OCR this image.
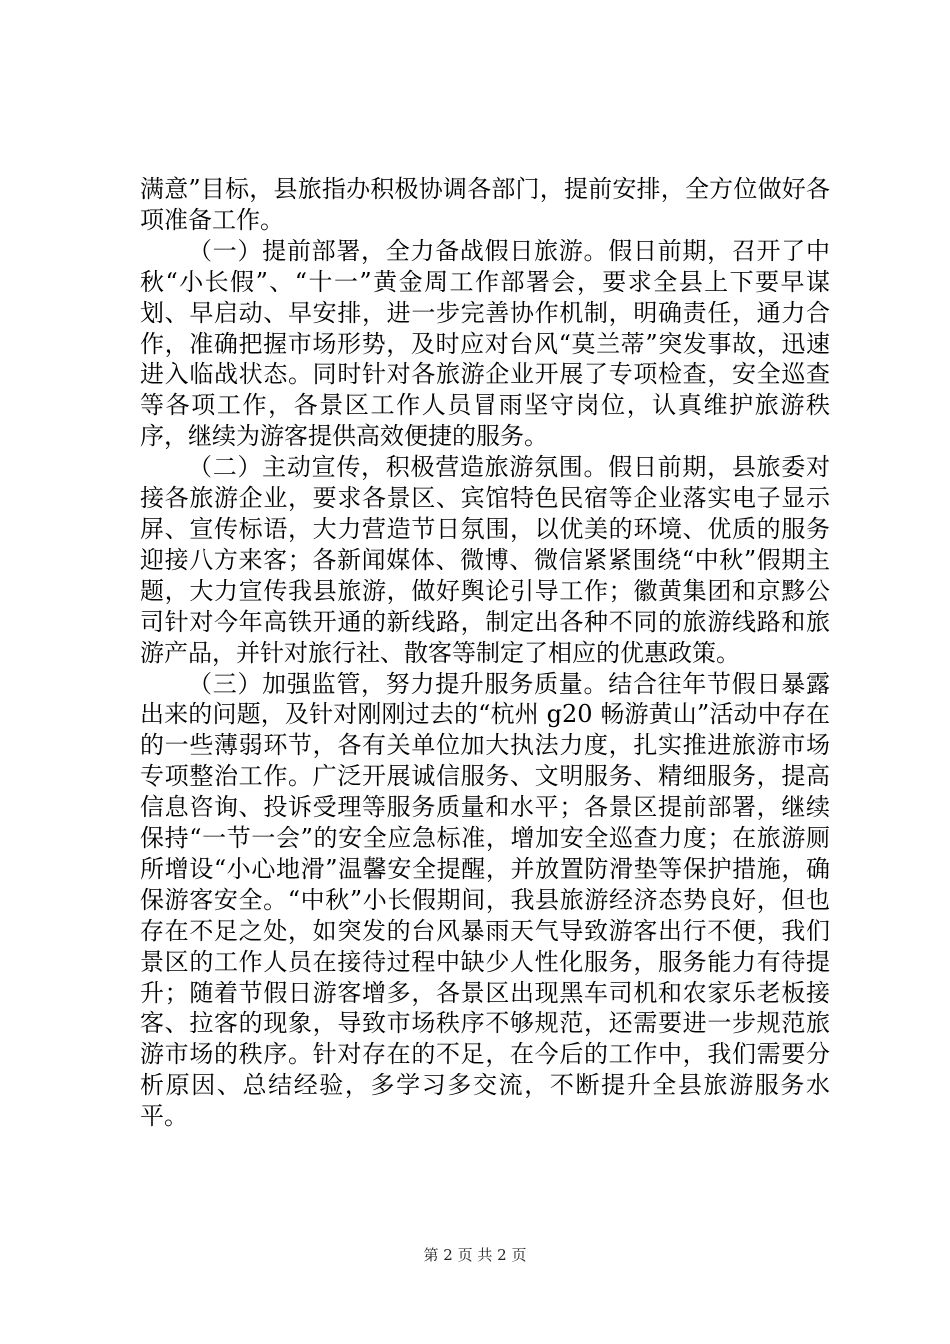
满意”目标，县旅指办积极协调各部门，提前安排，全方位做好各项准备工作。

（一）提前部署，全力备战假日旅游。假日前期，召开了中秋“小长假”、“十一”黄金周工作部署会，要求全县上下要早谋划、早启动、早安排，进一步完善协作机制，明确责任，通力合作，准确把握市场形势，及时应对台风“莫兰蒂”突发事故，迅速进入临战状态。同时针对各旅游企业开展了专项检查，安全巡查等各项工作，各景区工作人员冒雨坚守岗位，认真维护旅游秩序，继续为游客提供高效便捷的服务。

（二）主动宣传，积极营造旅游氛围。假日前期，县旅委对接各旅游企业，要求各景区、宾馆特色民宿等企业落实电子显示屏、宣传标语，大力营造节日氛围，以优美的环境、优质的服务迎接八方来客；各新闻媒体、微博、微信紧紧围绕“中秋”假期主题，大力宣传我县旅游，做好舆论引导工作；徽黄集团和京黟公司针对今年高铁开通的新线路，制定出各种不同的旅游线路和旅游产品，并针对旅行社、散客等制定了相应的优惠政策。

（三）加强监管，努力提升服务质量。结合往年节假日暴露出来的问题，及针对刚刚过去的“杭州 g20 畅游黄山”活动中存在的一些薄弱环节，各有关单位加大执法力度，扎实推进旅游市场专项整治工作。广泛开展诚信服务、文明服务、精细服务，提高信息咨询、投诉受理等服务质量和水平；各景区提前部署，继续保持“一节一会”的安全应急标准，增加安全巡查力度；在旅游厕所增设“小心地滑”温馨安全提醒，并放置防滑垫等保护措施，确保游客安全。“中秋”小长假期间，我县旅游经济态势良好，但也存在不足之处，如突发的台风暴雨天气导致游客出行不便，我们景区的工作人员在接待过程中缺少人性化服务，服务能力有待提升；随着节假日游客增多，各景区出现黑车司机和农家乐老板接客、拉客的现象，导致市场秩序不够规范，还需要进一步规范旅游市场的秩序。针对存在的不足，在今后的工作中，我们需要分析原因、总结经验，多学习多交流，不断提升全县旅游服务水平。

第 2 页 共 2 页
